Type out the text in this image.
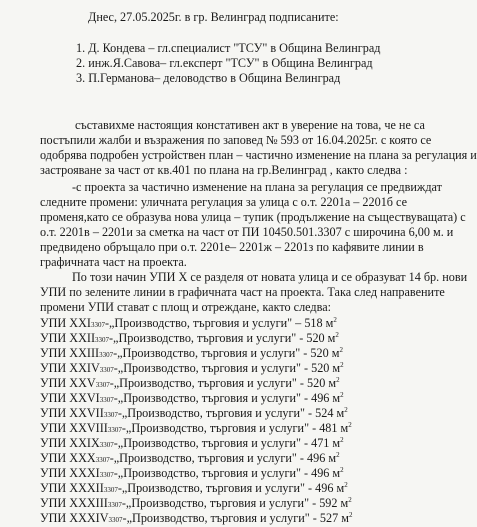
Днес, 27.05.2025г. в гр. Велинград подписаните:
1. Д. Кондева – гл.специалист "ТСУ" в Община Велинград
2. инж.Я.Савова– гл.експерт "ТСУ" в Община Велинград
3. П.Германова– деловодство в Община Велинград
съставихме настоящия констативен акт в уверение на това, че не са
постъпили жалби и възражения по заповед № 593 от 16.04.2025г. с която се
одобрява подробен устройствен план – частично изменение на плана за регулация и
застрояване за част от кв.401 по плана на гр.Велинград , както следва :
-с проекта за частично изменение на плана за регулация се предвиждат
следните промени: уличната регулация за улица с о.т. 2201а – 2201б се
променя,като се образува нова улица – тупик (продължение на съществуващата) с
о.т. 2201в – 2201и за сметка на част от ПИ 10450.501.3307 с широчина 6,00 м. и
предвидено обръщало при о.т. 2201е– 2201ж – 2201з по кафявите линии в
графичната част на проекта.
По този начин УПИ Х се разделя от новата улица и се образуват 14 бр. нови
УПИ по зелените линии в графичната част на проекта. Така след направените
промени УПИ стават с площ и отреждане, както следва:
УПИ XXI3307-„Производство, търговия и услуги" – 518 $м^2$
УПИ XXII3307-„Производство, търговия и услуги" - 520 $м^2$
УПИ XXIII3307-„Производство, търговия и услуги" - 520 $м^2$
УПИ XXIV3307-„Производство, търговия и услуги" - 520 $м^2$
УПИ XXV3307-„Производство, търговия и услуги" - 520 $м^2$
УПИ XXVI3307-„Производство, търговия и услуги" - 496 $м^2$
УПИ XXVII3307-„Производство, търговия и услуги" - 524 $м^2$
УПИ XXVIII3307-„Производство, търговия и услуги" - 481 $м^2$
УПИ XXIX3307-„Производство, търговия и услуги" - 471 $м^2$
УПИ XXX3307-„Производство, търговия и услуги" - 496 $м^2$
УПИ XXXI3307-„Производство, търговия и услуги" - 496 $м^2$
УПИ XXXII3307-„Производство, търговия и услуги" - 496 $м^2$
УПИ XXXIII3307-„Производство, търговия и услуги" - 592 $м^2$
УПИ XXXIV3307-„Производство, търговия и услуги" - 527 $м^2$
